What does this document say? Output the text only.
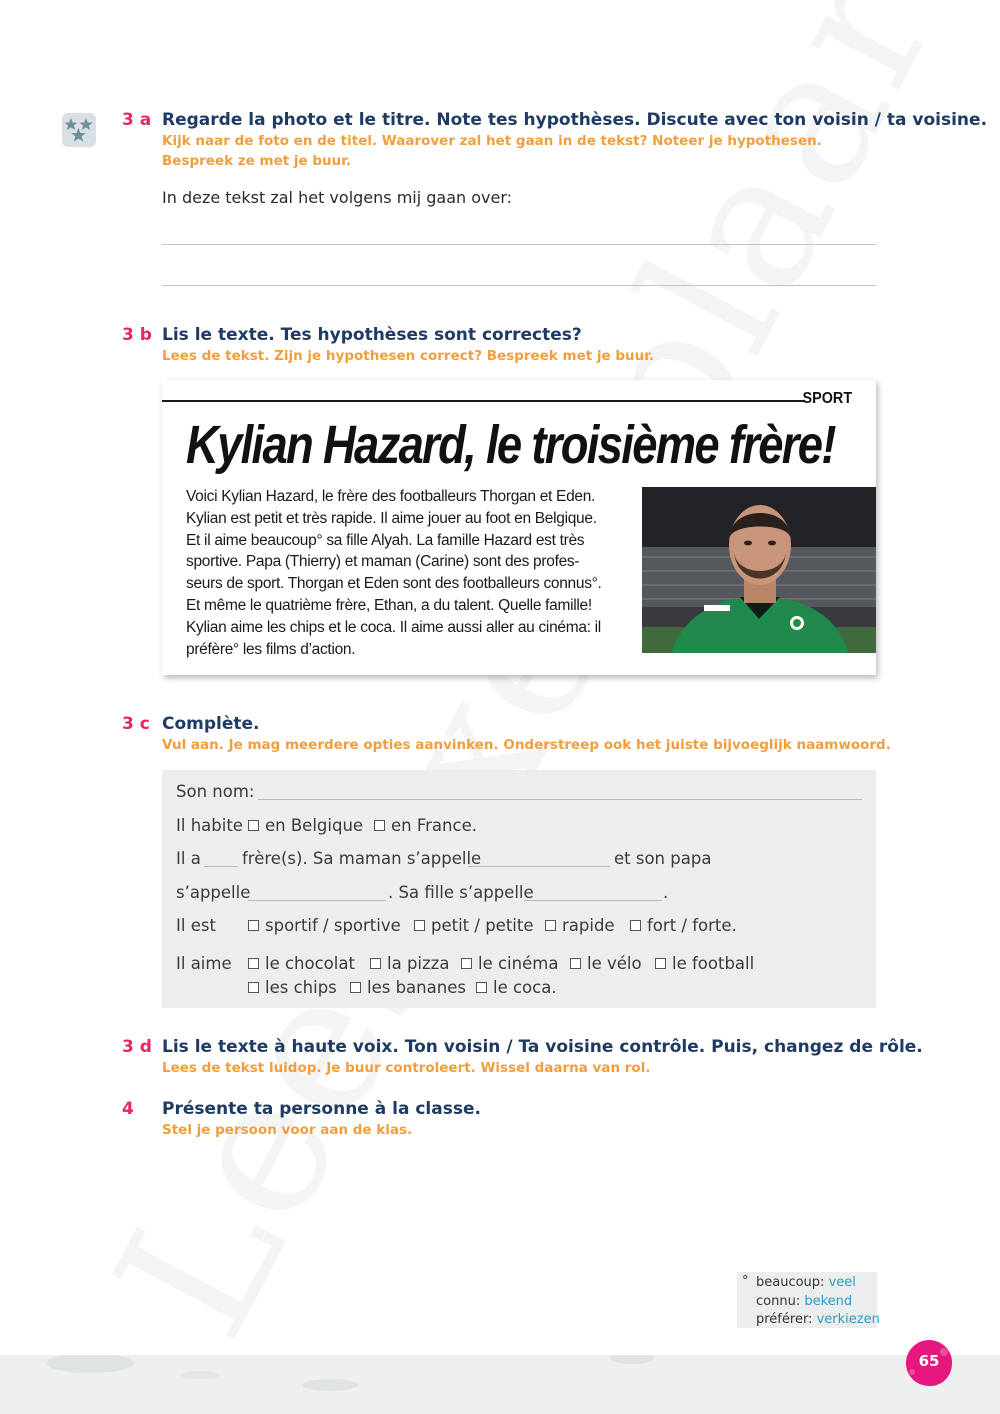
3 a Regarde la photo et le titre. Note tes hypothèses. Discute avec ton voisin / ta voisine.
Kijk naar de foto en de titel. Waarover zal het gaan in de tekst? Noteer je hypothesen.
Bespreek ze met je buur.
In deze tekst zal het volgens mij gaan over:
3 b Lis le texte. Tes hypothèses sont correctes?
Lees de tekst. Zijn je hypothesen correct? Bespreek met je buur.
SPORT
Kylian Hazard, le troisième frère!
Voici Kylian Hazard, le frère des footballeurs Thorgan et Eden.
Kylian est petit et très rapide. Il aime jouer au foot en Belgique.
Et il aime beaucoup° sa fille Alyah. La famille Hazard est très
sportive. Papa (Thierry) et maman (Carine) sont des profes-
seurs de sport. Thorgan et Eden sont des footballeurs connus°.
Et même le quatrième frère, Ethan, a du talent. Quelle famille!
Kylian aime les chips et le coca. Il aime aussi aller au cinéma: il
préfère° les films d’action.
3 c Complète.
Vul aan. Je mag meerdere opties aanvinken. Onderstreep ook het juiste bijvoeglijk naamwoord.
Son nom:
Il habite	en Belgique	en France.
Il a frère(s). Sa maman s’appelle	et son papa
s’appelle	. Sa fille s’appelle	.
Il est	sportif / sportive	petit / petite	rapide	fort / forte.
Il aime	le chocolat	la pizza	le cinéma	le vélo	le football
les chips	les bananes	le coca.
3 d Lis le texte à haute voix. Ton voisin / Ta voisine contrôle. Puis, changez de rôle.
Lees de tekst luidop. Je buur controleert. Wissel daarna van rol.
4 Présente ta personne à la classe.
Stel je persoon voor aan de klas.
° beaucoup: veel
connu: bekend
préférer: verkiezen
65
